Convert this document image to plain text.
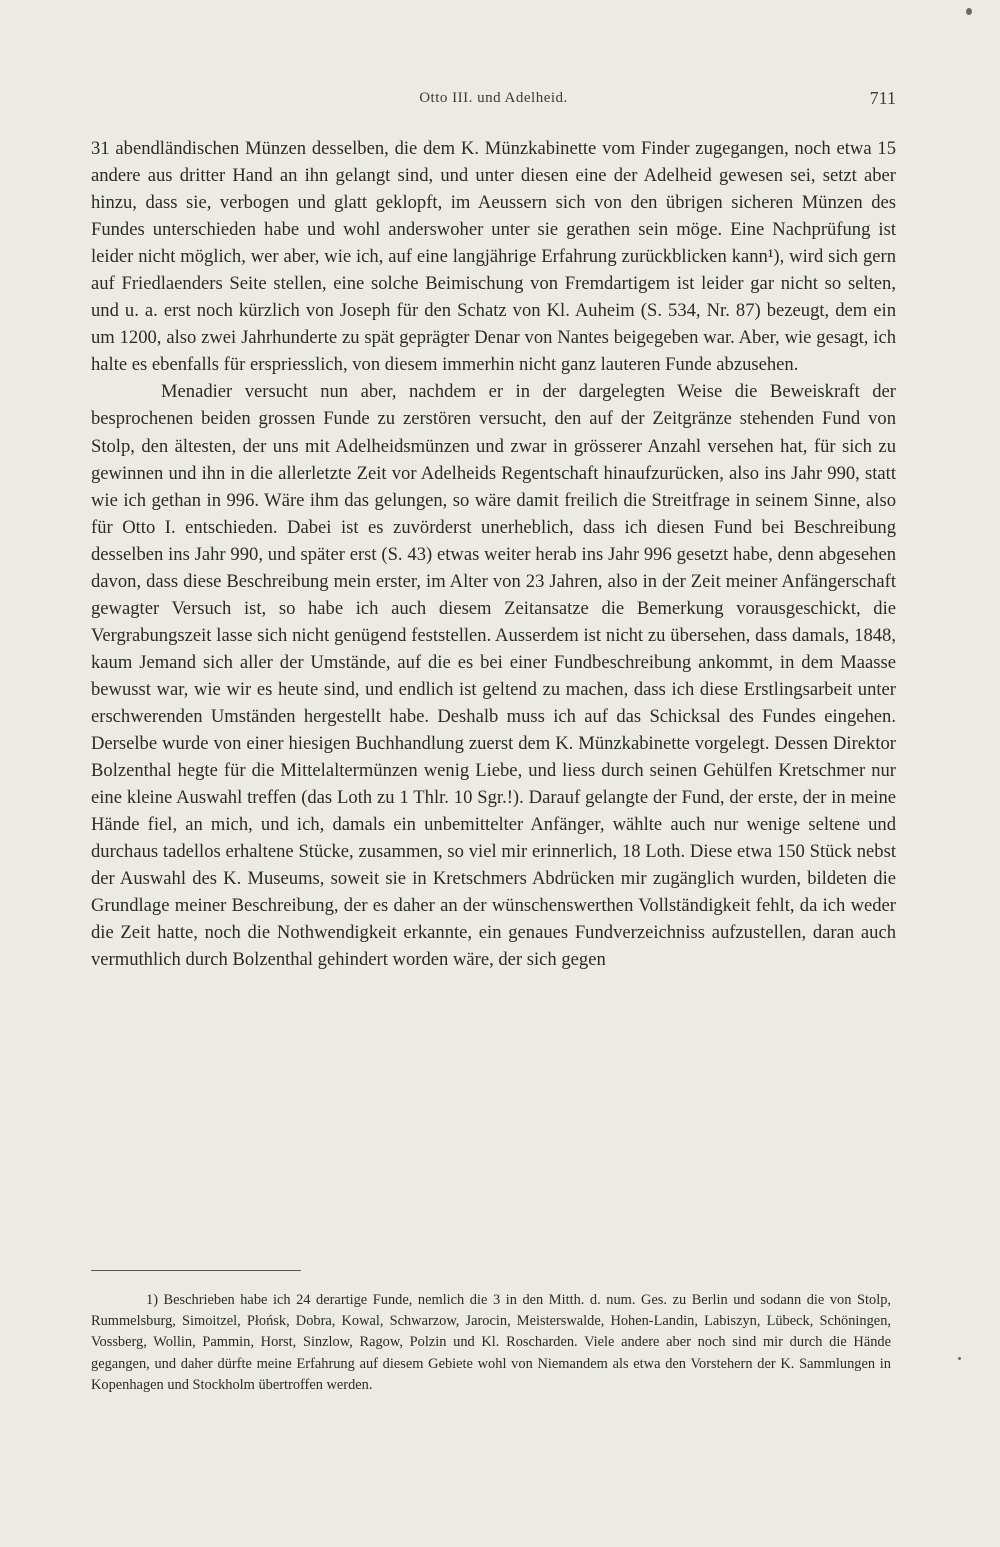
Otto III. und Adelheid.	711

31 abendländischen Münzen desselben, die dem K. Münzkabinette vom Finder zugegangen, noch etwa 15 andere aus dritter Hand an ihn gelangt sind, und unter diesen eine der Adelheid gewesen sei, setzt aber hinzu, dass sie, verbogen und glatt geklopft, im Aeussern sich von den übrigen sicheren Münzen des Fundes unterschieden habe und wohl anderswoher unter sie gerathen sein möge. Eine Nachprüfung ist leider nicht möglich, wer aber, wie ich, auf eine langjährige Erfahrung zurückblicken kann¹), wird sich gern auf Friedlaenders Seite stellen, eine solche Beimischung von Fremdartigem ist leider gar nicht so selten, und u. a. erst noch kürzlich von Joseph für den Schatz von Kl. Auheim (S. 534, Nr. 87) bezeugt, dem ein um 1200, also zwei Jahrhunderte zu spät geprägter Denar von Nantes beigegeben war. Aber, wie gesagt, ich halte es ebenfalls für erspriesslich, von diesem immerhin nicht ganz lauteren Funde abzusehen.

Menadier versucht nun aber, nachdem er in der dargelegten Weise die Beweiskraft der besprochenen beiden grossen Funde zu zerstören versucht, den auf der Zeitgränze stehenden Fund von Stolp, den ältesten, der uns mit Adelheidsmünzen und zwar in grösserer Anzahl versehen hat, für sich zu gewinnen und ihn in die allerletzte Zeit vor Adelheids Regentschaft hinaufzurücken, also ins Jahr 990, statt wie ich gethan in 996. Wäre ihm das gelungen, so wäre damit freilich die Streitfrage in seinem Sinne, also für Otto I. entschieden. Dabei ist es zuvörderst unerheblich, dass ich diesen Fund bei Beschreibung desselben ins Jahr 990, und später erst (S. 43) etwas weiter herab ins Jahr 996 gesetzt habe, denn abgesehen davon, dass diese Beschreibung mein erster, im Alter von 23 Jahren, also in der Zeit meiner Anfängerschaft gewagter Versuch ist, so habe ich auch diesem Zeitansatze die Bemerkung vorausgeschickt, die Vergrabungszeit lasse sich nicht genügend feststellen. Ausserdem ist nicht zu übersehen, dass damals, 1848, kaum Jemand sich aller der Umstände, auf die es bei einer Fundbeschreibung ankommt, in dem Maasse bewusst war, wie wir es heute sind, und endlich ist geltend zu machen, dass ich diese Erstlingsarbeit unter erschwerenden Umständen hergestellt habe. Deshalb muss ich auf das Schicksal des Fundes eingehen. Derselbe wurde von einer hiesigen Buchhandlung zuerst dem K. Münzkabinette vorgelegt. Dessen Direktor Bolzenthal hegte für die Mittelaltermünzen wenig Liebe, und liess durch seinen Gehülfen Kretschmer nur eine kleine Auswahl treffen (das Loth zu 1 Thlr. 10 Sgr.!). Darauf gelangte der Fund, der erste, der in meine Hände fiel, an mich, und ich, damals ein unbemittelter Anfänger, wählte auch nur wenige seltene und durchaus tadellos erhaltene Stücke, zusammen, so viel mir erinnerlich, 18 Loth. Diese etwa 150 Stück nebst der Auswahl des K. Museums, soweit sie in Kretschmers Abdrücken mir zugänglich wurden, bildeten die Grundlage meiner Beschreibung, der es daher an der wünschenswerthen Vollständigkeit fehlt, da ich weder die Zeit hatte, noch die Nothwendigkeit erkannte, ein genaues Fundverzeichniss aufzustellen, daran auch vermuthlich durch Bolzenthal gehindert worden wäre, der sich gegen

1) Beschrieben habe ich 24 derartige Funde, nemlich die 3 in den Mitth. d. num. Ges. zu Berlin und sodann die von Stolp, Rummelsburg, Simoitzel, Płońsk, Dobra, Kowal, Schwarzow, Jarocin, Meisterswalde, Hohen-Landin, Labiszyn, Lübeck, Schöningen, Vossberg, Wollin, Pammin, Horst, Sinzlow, Ragow, Polzin und Kl. Roscharden. Viele andere aber noch sind mir durch die Hände gegangen, und daher dürfte meine Erfahrung auf diesem Gebiete wohl von Niemandem als etwa den Vorstehern der K. Sammlungen in Kopenhagen und Stockholm übertroffen werden.
